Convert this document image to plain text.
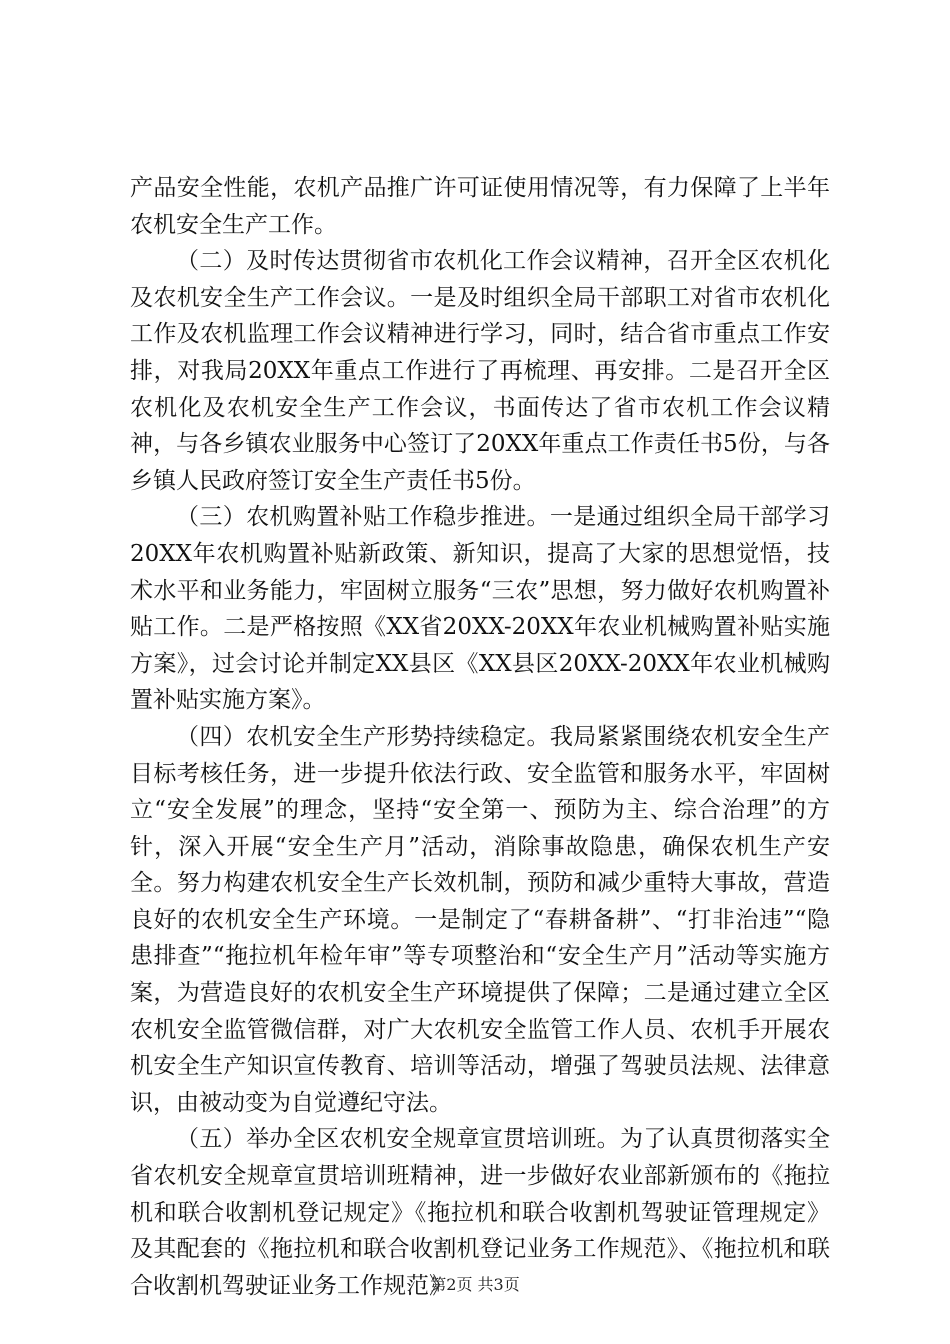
产品安全性能，农机产品推广许可证使用情况等，有力保障了上半年农机安全生产工作。

（二）及时传达贯彻省市农机化工作会议精神，召开全区农机化及农机安全生产工作会议。一是及时组织全局干部职工对省市农机化工作及农机监理工作会议精神进行学习，同时，结合省市重点工作安排，对我局20XX年重点工作进行了再梳理、再安排。二是召开全区农机化及农机安全生产工作会议，书面传达了省市农机工作会议精神，与各乡镇农业服务中心签订了20XX年重点工作责任书5份，与各乡镇人民政府签订安全生产责任书5份。

（三）农机购置补贴工作稳步推进。一是通过组织全局干部学习20XX年农机购置补贴新政策、新知识，提高了大家的思想觉悟，技术水平和业务能力，牢固树立服务“三农”思想，努力做好农机购置补贴工作。二是严格按照《XX省20XX-20XX年农业机械购置补贴实施方案》，过会讨论并制定XX县区《XX县区20XX-20XX年农业机械购置补贴实施方案》。

（四）农机安全生产形势持续稳定。我局紧紧围绕农机安全生产目标考核任务，进一步提升依法行政、安全监管和服务水平，牢固树立“安全发展”的理念，坚持“安全第一、预防为主、综合治理”的方针，深入开展“安全生产月”活动，消除事故隐患，确保农机生产安全。努力构建农机安全生产长效机制，预防和减少重特大事故，营造良好的农机安全生产环境。一是制定了“春耕备耕”、“打非治违”“隐患排查”“拖拉机年检年审”等专项整治和“安全生产月”活动等实施方案，为营造良好的农机安全生产环境提供了保障；二是通过建立全区农机安全监管微信群，对广大农机安全监管工作人员、农机手开展农机安全生产知识宣传教育、培训等活动，增强了驾驶员法规、法律意识，由被动变为自觉遵纪守法。

（五）举办全区农机安全规章宣贯培训班。为了认真贯彻落实全省农机安全规章宣贯培训班精神，进一步做好农业部新颁布的《拖拉机和联合收割机登记规定》《拖拉机和联合收割机驾驶证管理规定》及其配套的《拖拉机和联合收割机登记业务工作规范》、《拖拉机和联合收割机驾驶证业务工作规范》

第2页 共3页
